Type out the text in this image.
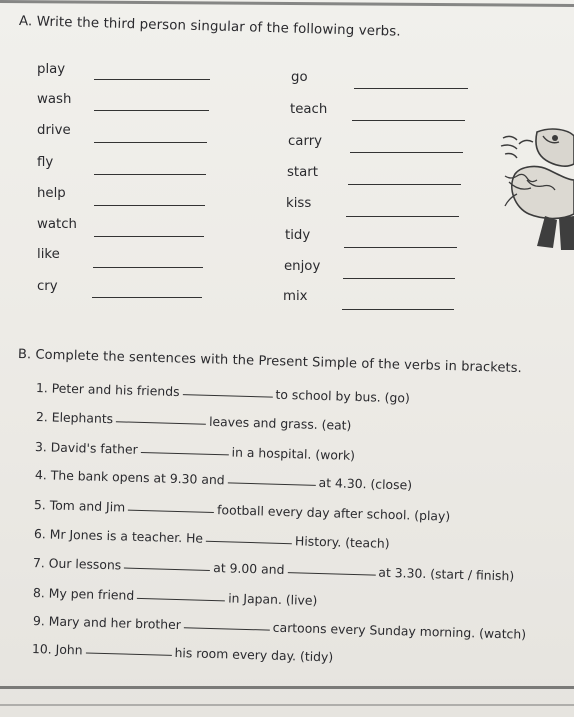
A. Write the third person singular of the following verbs.
play
wash
drive
fly
help
watch
like
cry
go
teach
carry
start
kiss
tidy
enjoy
mix
B. Complete the sentences with the Present Simple of the verbs in brackets.
1.
Peter and his friends	to school by bus. (go)
2.
Elephants	leaves and grass. (eat)
3.
David's father	in a hospital. (work)
4.
The bank opens at 9.30 and	at 4.30. (close)
5.
Tom and Jim	football every day after school. (play)
6.
Mr Jones is a teacher. He	History. (teach)
7.
Our lessons	at 9.00 and	at 3.30. (start / finish)
8.
My pen friend	in Japan. (live)
9.
Mary and her brother	cartoons every Sunday morning. (watch)
10.
John	his room every day. (tidy)
